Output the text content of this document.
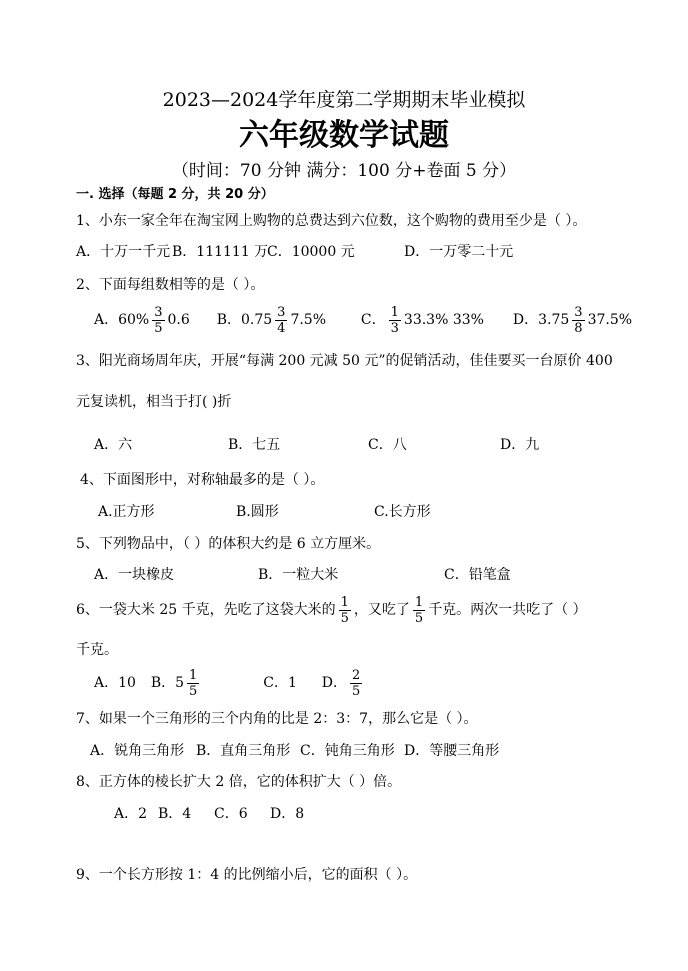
2023—2024学年度第二学期期末毕业模拟
六年级数学试题
（时间：70 分钟 满分：100 分+卷面 5 分）
一. 选择（每题 2 分，共 20 分）
1、小东一家全年在淘宝网上购物的总费达到六位数，这个购物的费用至少是（ ）。
A．十万一千元 B．111111 万
C．10000 元	D．一万零二十元
2、下面每组数相等的是（ ）。
A．$60\% \frac{3}{5} 0.6$ B．$0.75 \frac{3}{4} 7.5\%$ C． $\frac{1}{3} 33.3\%$ 33% D．$3.75 \frac{3}{8} 37.5\%$
3、阳光商场周年庆，开展“每满 200 元减 50 元”的促销活动，佳佳要买一台原价 400
元复读机，相当于打( )折
A．六	B．七五	C．八	D．九
4、下面图形中，对称轴最多的是（ ）。
A.正方形	B.圆形	C.长方形
5、下列物品中，（ ）的体积大约是 6 立方厘米。
A．一块橡皮	B．一粒大米	C．铅笔盒
6、一袋大米 25 千克，先吃了这袋大米的 $\frac{1}{5}$ ，又吃了 $\frac{1}{5}$ 千克。两次一共吃了（ ）
千克。
A．10 B．$5 \frac{1}{5}$	C．1 D． $\frac{2}{5}$
7、如果一个三角形的三个内角的比是 2：3：7，那么它是（ ）。
A．锐角三角形 B．直角三角形 C．钝角三角形 D．等腰三角形
8、正方体的棱长扩大 2 倍，它的体积扩大（ ）倍。
A．2 B．4 C．6 D．8
9、一个长方形按 1：4 的比例缩小后，它的面积（ ）。
